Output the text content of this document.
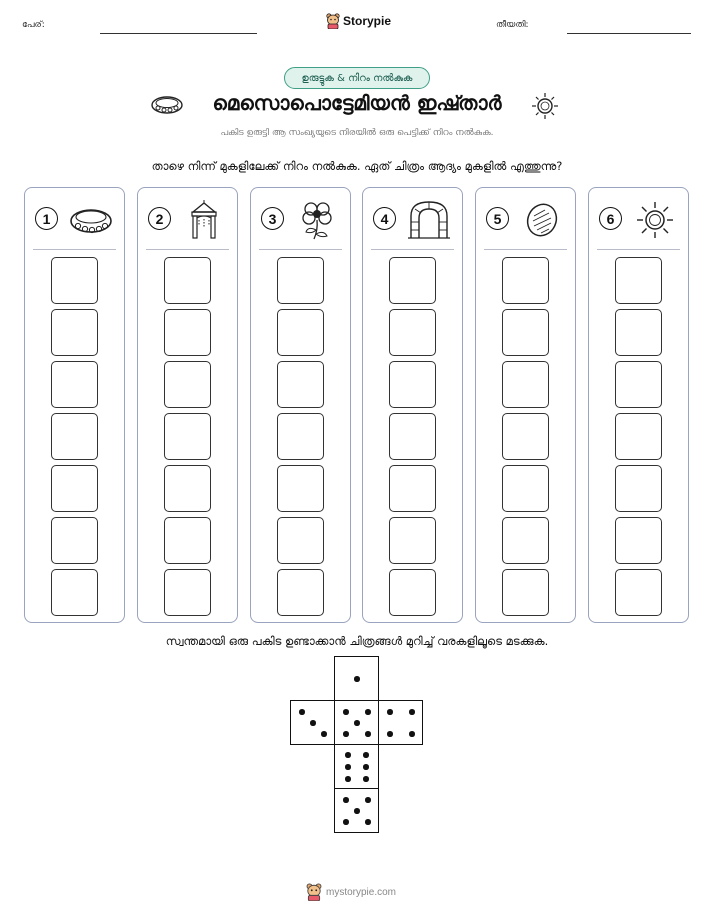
പേര്:	Storypie	തീയതി:
ഉരുട്ടുക & നിറം നൽകുക
മെസൊപൊട്ടേമിയൻ ഇഷ്താർ
പകിട ഉരുട്ടി ആ സംഖ്യയുടെ നിരയിൽ ഒരു പെട്ടിക്ക് നിറം നൽകുക.
താഴെ നിന്ന് മുകളിലേക്ക് നിറം നൽകുക. ഏത് ചിത്രം ആദ്യം മുകളിൽ എത്തുന്നു?
1	2	3	4	5	6
സ്വന്തമായി ഒരു പകിട ഉണ്ടാക്കാൻ ചിത്രങ്ങൾ മുറിച്ച് വരകളിലൂടെ മടക്കുക.
mystorypie.com
